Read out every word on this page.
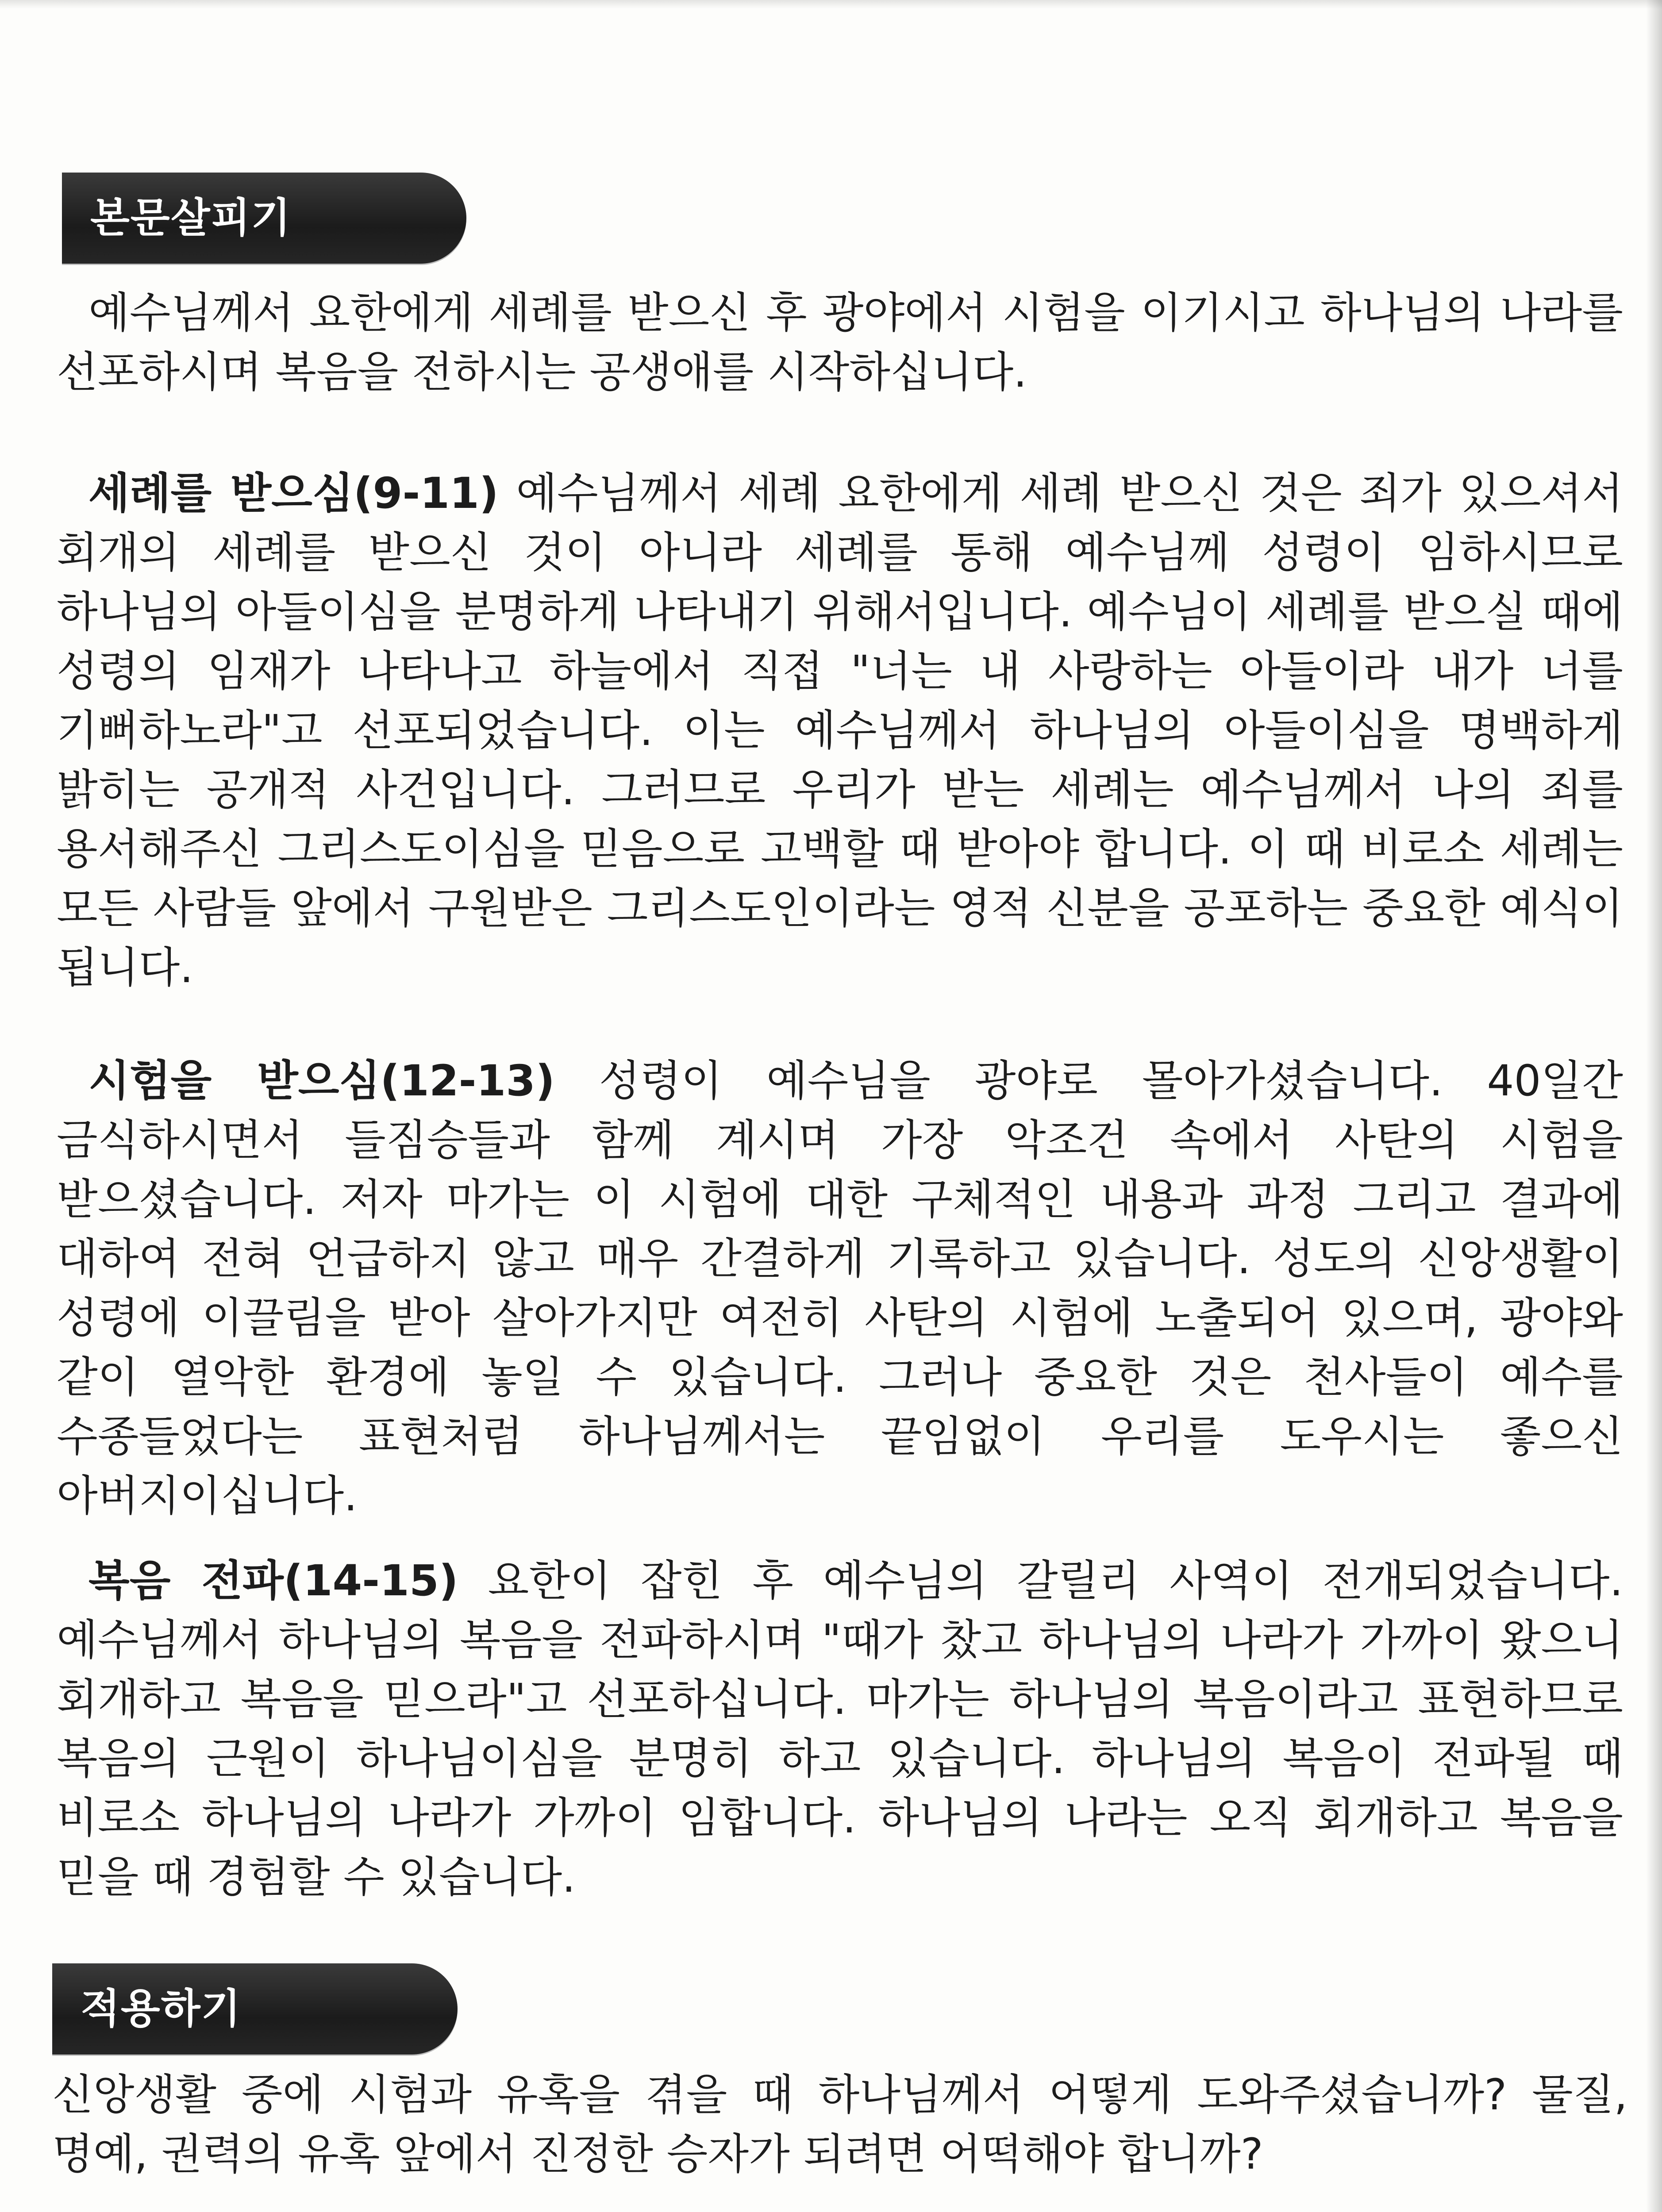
본문살피기

예수님께서 요한에게 세례를 받으신 후 광야에서 시험을 이기시고 하나님의 나라를 선포하시며 복음을 전하시는 공생애를 시작하십니다.

세례를 받으심(9-11) 예수님께서 세례 요한에게 세례 받으신 것은 죄가 있으셔서 회개의 세례를 받으신 것이 아니라 세례를 통해 예수님께 성령이 임하시므로 하나님의 아들이심을 분명하게 나타내기 위해서입니다. 예수님이 세례를 받으실 때에 성령의 임재가 나타나고 하늘에서 직접 "너는 내 사랑하는 아들이라 내가 너를 기뻐하노라"고 선포되었습니다. 이는 예수님께서 하나님의 아들이심을 명백하게 밝히는 공개적 사건입니다. 그러므로 우리가 받는 세례는 예수님께서 나의 죄를 용서해주신 그리스도이심을 믿음으로 고백할 때 받아야 합니다. 이 때 비로소 세례는 모든 사람들 앞에서 구원받은 그리스도인이라는 영적 신분을 공포하는 중요한 예식이 됩니다.

시험을 받으심(12-13) 성령이 예수님을 광야로 몰아가셨습니다. 40일간 금식하시면서 들짐승들과 함께 계시며 가장 악조건 속에서 사탄의 시험을 받으셨습니다. 저자 마가는 이 시험에 대한 구체적인 내용과 과정 그리고 결과에 대하여 전혀 언급하지 않고 매우 간결하게 기록하고 있습니다. 성도의 신앙생활이 성령에 이끌림을 받아 살아가지만 여전히 사탄의 시험에 노출되어 있으며, 광야와 같이 열악한 환경에 놓일 수 있습니다. 그러나 중요한 것은 천사들이 예수를 수종들었다는 표현처럼 하나님께서는 끝임없이 우리를 도우시는 좋으신 아버지이십니다.

복음 전파(14-15) 요한이 잡힌 후 예수님의 갈릴리 사역이 전개되었습니다. 예수님께서 하나님의 복음을 전파하시며 "때가 찼고 하나님의 나라가 가까이 왔으니 회개하고 복음을 믿으라"고 선포하십니다. 마가는 하나님의 복음이라고 표현하므로 복음의 근원이 하나님이심을 분명히 하고 있습니다. 하나님의 복음이 전파될 때 비로소 하나님의 나라가 가까이 임합니다. 하나님의 나라는 오직 회개하고 복음을 믿을 때 경험할 수 있습니다.

적용하기

신앙생활 중에 시험과 유혹을 겪을 때 하나님께서 어떻게 도와주셨습니까? 물질, 명예, 권력의 유혹 앞에서 진정한 승자가 되려면 어떡해야 합니까?
